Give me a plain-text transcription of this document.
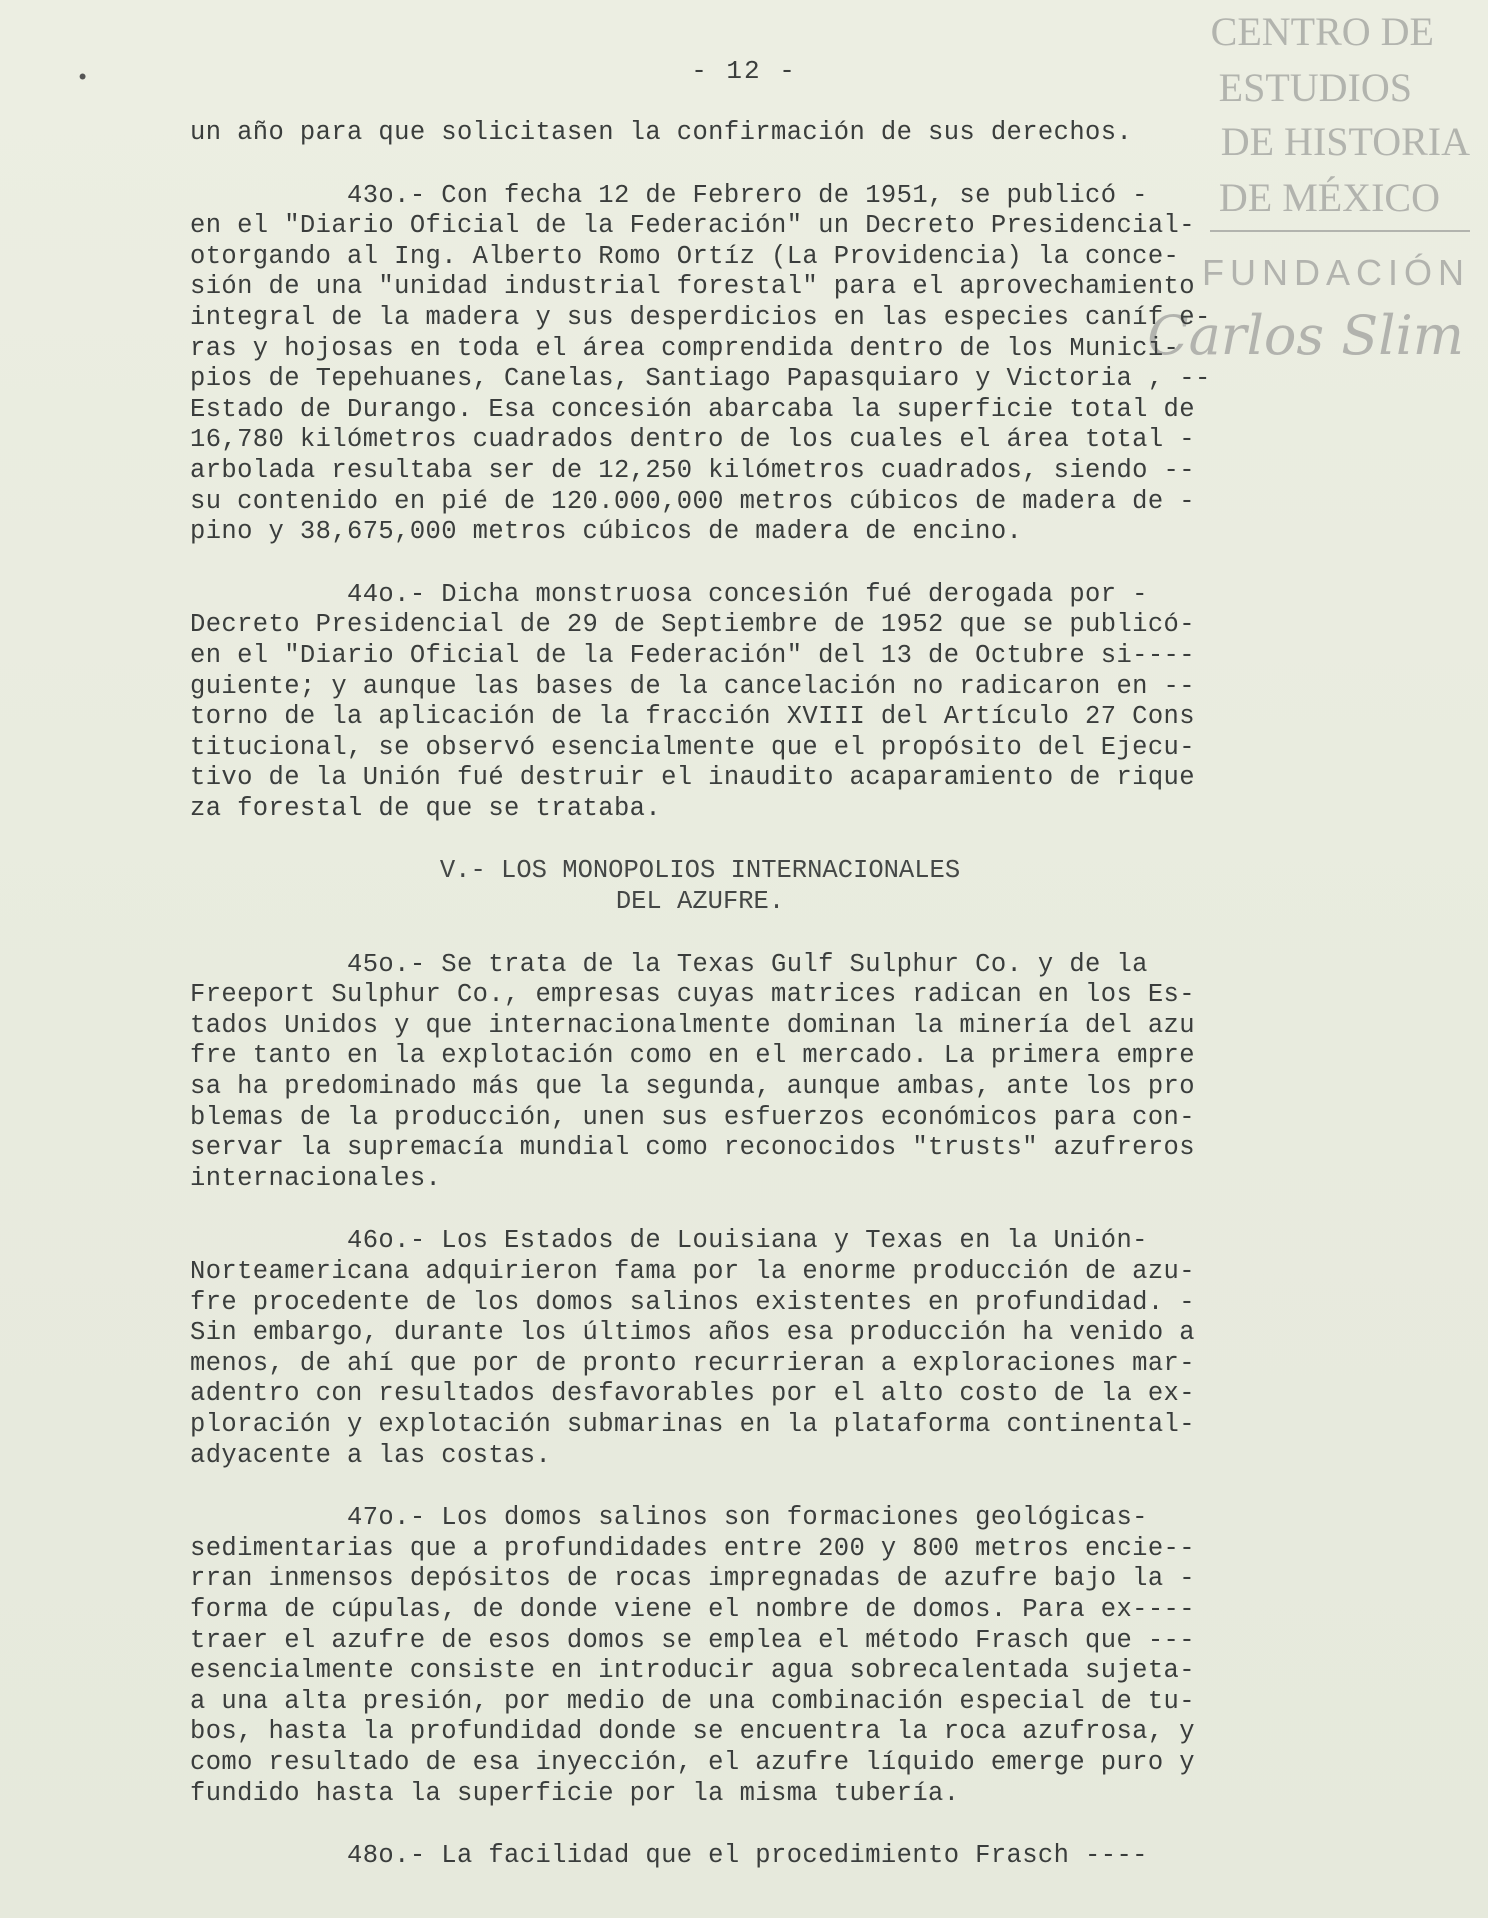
CENTRO DE
ESTUDIOS
DE HISTORIA
DE MÉXICO
FUNDACIÓN
Carlos Slim
•	- 12 -
un año para que solicitasen la confirmación de sus derechos.
43o.- Con fecha 12 de Febrero de 1951, se publicó -
en el "Diario Oficial de la Federación" un Decreto Presidencial-
otorgando al Ing. Alberto Romo Ortíz (La Providencia) la conce-
sión de una "unidad industrial forestal" para el aprovechamiento
integral de la madera y sus desperdicios en las especies caníf e-
ras y hojosas en toda el área comprendida dentro de los Munici-
pios de Tepehuanes, Canelas, Santiago Papasquiaro y Victoria , --
Estado de Durango. Esa concesión abarcaba la superficie total de
16,780 kilómetros cuadrados dentro de los cuales el área total -
arbolada resultaba ser de 12,250 kilómetros cuadrados, siendo --
su contenido en pié de 120.000,000 metros cúbicos de madera de -
pino y 38,675,000 metros cúbicos de madera de encino.
44o.- Dicha monstruosa concesión fué derogada por -
Decreto Presidencial de 29 de Septiembre de 1952 que se publicó-
en el "Diario Oficial de la Federación" del 13 de Octubre si----
guiente; y aunque las bases de la cancelación no radicaron en --
torno de la aplicación de la fracción XVIII del Artículo 27 Cons
titucional, se observó esencialmente que el propósito del Ejecu-
tivo de la Unión fué destruir el inaudito acaparamiento de rique
za forestal de que se trataba.
V.- LOS MONOPOLIOS INTERNACIONALES
DEL AZUFRE.
45o.- Se trata de la Texas Gulf Sulphur Co. y de la
Freeport Sulphur Co., empresas cuyas matrices radican en los Es-
tados Unidos y que internacionalmente dominan la minería del azu
fre tanto en la explotación como en el mercado. La primera empre
sa ha predominado más que la segunda, aunque ambas, ante los pro
blemas de la producción, unen sus esfuerzos económicos para con-
servar la supremacía mundial como reconocidos "trusts" azufreros
internacionales.
46o.- Los Estados de Louisiana y Texas en la Unión-
Norteamericana adquirieron fama por la enorme producción de azu-
fre procedente de los domos salinos existentes en profundidad. -
Sin embargo, durante los últimos años esa producción ha venido a
menos, de ahí que por de pronto recurrieran a exploraciones mar-
adentro con resultados desfavorables por el alto costo de la ex-
ploración y explotación submarinas en la plataforma continental-
adyacente a las costas.
47o.- Los domos salinos son formaciones geológicas-
sedimentarias que a profundidades entre 200 y 800 metros encie--
rran inmensos depósitos de rocas impregnadas de azufre bajo la -
forma de cúpulas, de donde viene el nombre de domos. Para ex----
traer el azufre de esos domos se emplea el método Frasch que ---
esencialmente consiste en introducir agua sobrecalentada sujeta-
a una alta presión, por medio de una combinación especial de tu-
bos, hasta la profundidad donde se encuentra la roca azufrosa, y
como resultado de esa inyección, el azufre líquido emerge puro y
fundido hasta la superficie por la misma tubería.
48o.- La facilidad que el procedimiento Frasch ----
